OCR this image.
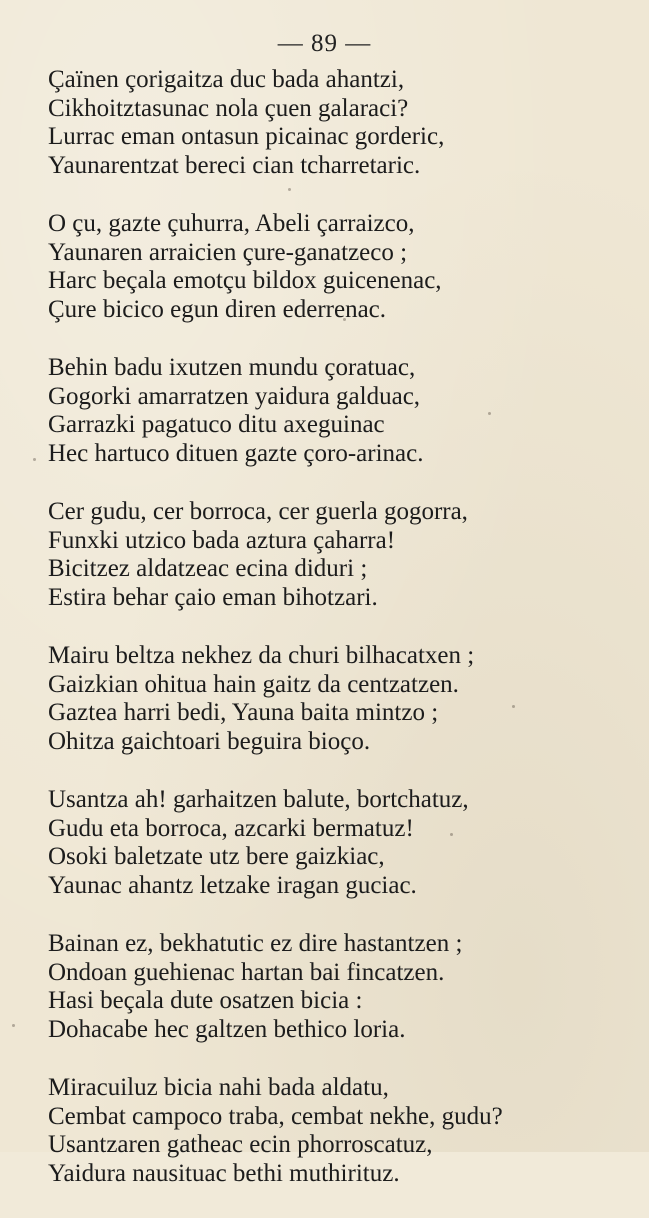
— 89 —
Çaïnen çorigaitza duc bada ahantzi,
Cikhoitztasunac nola çuen galaraci?
Lurrac eman ontasun picainac gorderic,
Yaunarentzat bereci cian tcharretaric.
O çu, gazte çuhurra, Abeli çarraizco,
Yaunaren arraicien çure-ganatzeco ;
Harc beçala emotçu bildox guicenenac,
Çure bicico egun diren ederrenac.
Behin badu ixutzen mundu çoratuac,
Gogorki amarratzen yaidura galduac,
Garrazki pagatuco ditu axeguinac
Hec hartuco dituen gazte çoro-arinac.
Cer gudu, cer borroca, cer guerla gogorra,
Funxki utzico bada aztura çaharra!
Bicitzez aldatzeac ecina diduri ;
Estira behar çaio eman bihotzari.
Mairu beltza nekhez da churi bilhacatxen ;
Gaizkian ohitua hain gaitz da centzatzen.
Gaztea harri bedi, Yauna baita mintzo ;
Ohitza gaichtoari beguira bioço.
Usantza ah! garhaitzen balute, bortchatuz,
Gudu eta borroca, azcarki bermatuz!
Osoki baletzate utz bere gaizkiac,
Yaunac ahantz letzake iragan guciac.
Bainan ez, bekhatutic ez dire hastantzen ;
Ondoan guehienac hartan bai fincatzen.
Hasi beçala dute osatzen bicia :
Dohacabe hec galtzen bethico loria.
Miracuiluz bicia nahi bada aldatu,
Cembat campoco traba, cembat nekhe, gudu?
Usantzaren gatheac ecin phorroscatuz,
Yaidura nausituac bethi muthirituz.
